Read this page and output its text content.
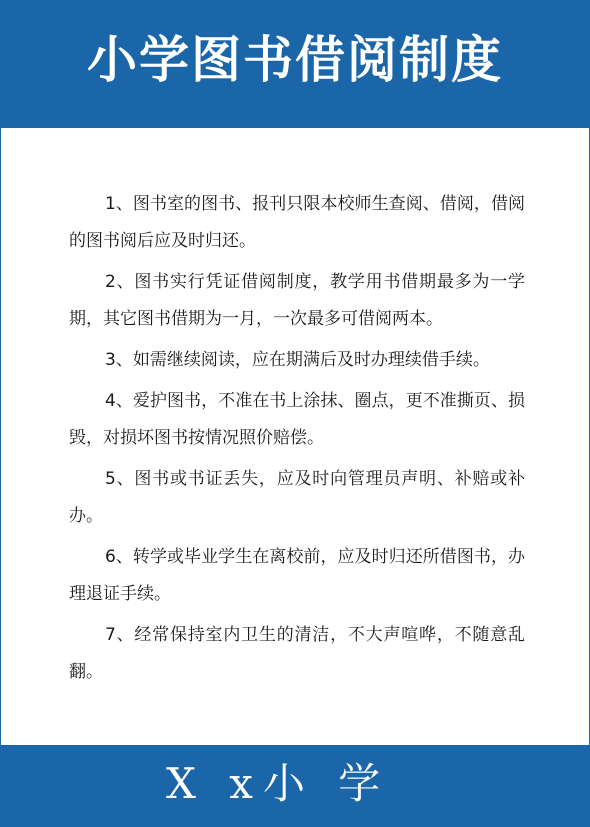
小学图书借阅制度
1、图书室的图书、报刊只限本校师生查阅、借阅，借阅的图书阅后应及时归还。
2、图书实行凭证借阅制度，教学用书借期最多为一学期，其它图书借期为一月，一次最多可借阅两本。
3、如需继续阅读，应在期满后及时办理续借手续。
4、爱护图书，不准在书上涂抹、圈点，更不准撕页、损毁，对损坏图书按情况照价赔偿。
5、图书或书证丢失，应及时向管理员声明、补赔或补办。
6、转学或毕业学生在离校前，应及时归还所借图书，办理退证手续。
7、经常保持室内卫生的清洁，不大声喧哗，不随意乱翻。
X x小 学
